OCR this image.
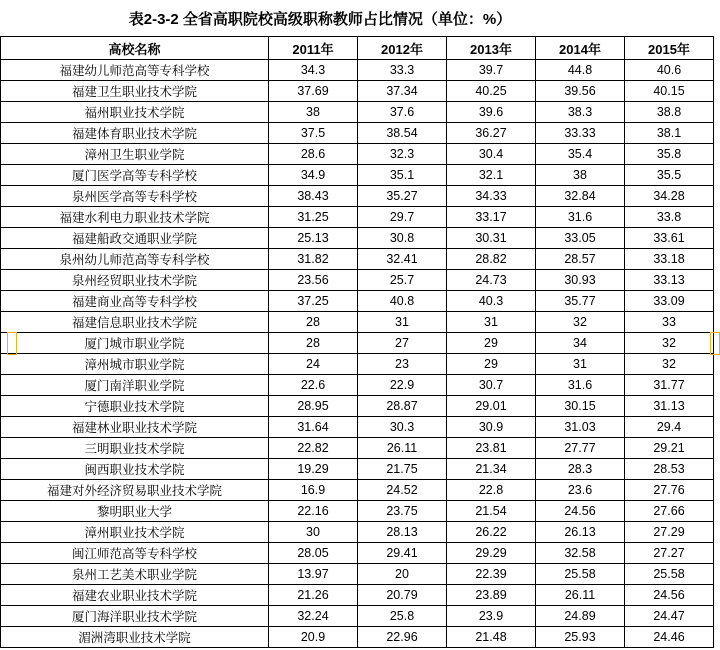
表2-3-2 全省高职院校高级职称教师占比情况（单位：%）
高校名称	2011年	2012年	2013年	2014年	2015年
福建幼儿师范高等专科学校	34.3	33.3	39.7	44.8	40.6
福建卫生职业技术学院	37.69	37.34	40.25	39.56	40.15
福州职业技术学院	38	37.6	39.6	38.3	38.8
福建体育职业技术学院	37.5	38.54	36.27	33.33	38.1
漳州卫生职业学院	28.6	32.3	30.4	35.4	35.8
厦门医学高等专科学校	34.9	35.1	32.1	38	35.5
泉州医学高等专科学校	38.43	35.27	34.33	32.84	34.28
福建水利电力职业技术学院	31.25	29.7	33.17	31.6	33.8
福建船政交通职业学院	25.13	30.8	30.31	33.05	33.61
泉州幼儿师范高等专科学校	31.82	32.41	28.82	28.57	33.18
泉州经贸职业技术学院	23.56	25.7	24.73	30.93	33.13
福建商业高等专科学校	37.25	40.8	40.3	35.77	33.09
福建信息职业技术学院	28	31	31	32	33
厦门城市职业学院	28	27	29	34	32
漳州城市职业学院	24	23	29	31	32
厦门南洋职业学院	22.6	22.9	30.7	31.6	31.77
宁德职业技术学院	28.95	28.87	29.01	30.15	31.13
福建林业职业技术学院	31.64	30.3	30.9	31.03	29.4
三明职业技术学院	22.82	26.11	23.81	27.77	29.21
闽西职业技术学院	19.29	21.75	21.34	28.3	28.53
福建对外经济贸易职业技术学院	16.9	24.52	22.8	23.6	27.76
黎明职业大学	22.16	23.75	21.54	24.56	27.66
漳州职业技术学院	30	28.13	26.22	26.13	27.29
闽江师范高等专科学校	28.05	29.41	29.29	32.58	27.27
泉州工艺美术职业学院	13.97	20	22.39	25.58	25.58
福建农业职业技术学院	21.26	20.79	23.89	26.11	24.56
厦门海洋职业技术学院	32.24	25.8	23.9	24.89	24.47
湄洲湾职业技术学院	20.9	22.96	21.48	25.93	24.46
